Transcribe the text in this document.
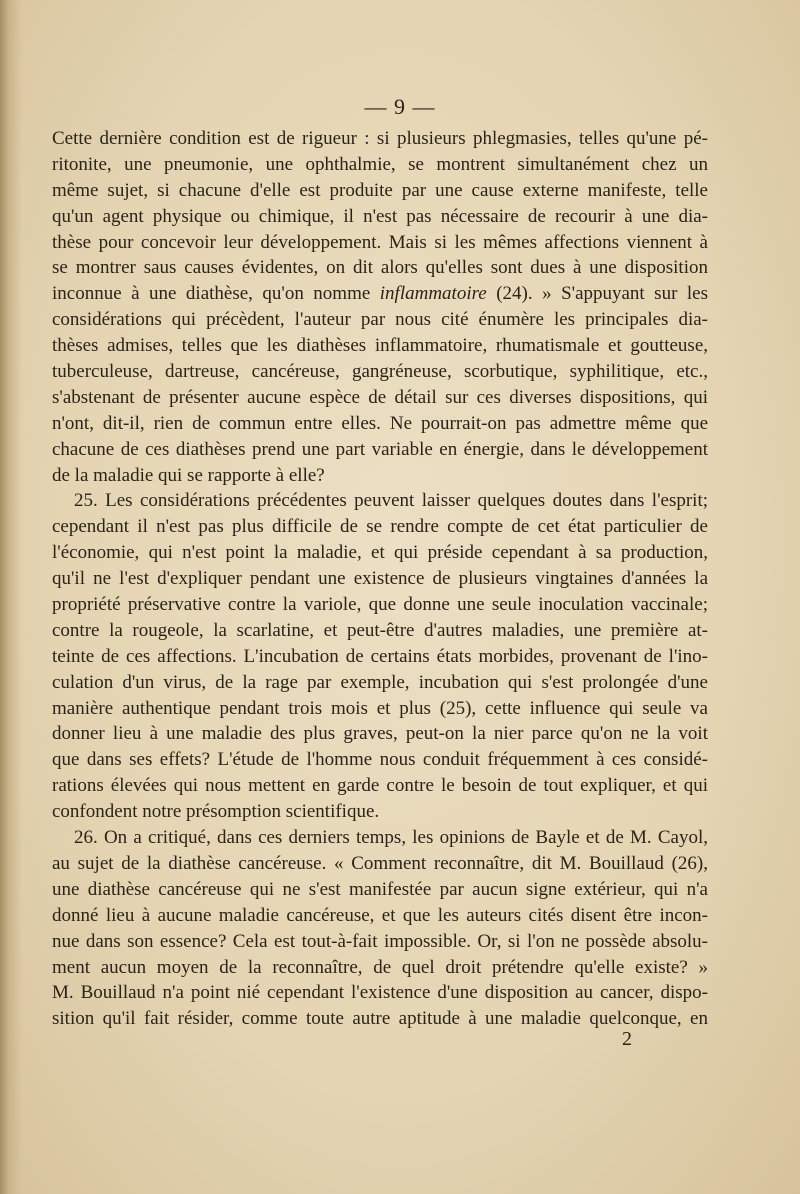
— 9 —
Cette dernière condition est de rigueur : si plusieurs phlegmasies, telles qu'une pé-
ritonite, une pneumonie, une ophthalmie, se montrent simultanément chez un
même sujet, si chacune d'elle est produite par une cause externe manifeste, telle
qu'un agent physique ou chimique, il n'est pas nécessaire de recourir à une dia-
thèse pour concevoir leur développement. Mais si les mêmes affections viennent à
se montrer saus causes évidentes, on dit alors qu'elles sont dues à une disposition
inconnue à une diathèse, qu'on nomme inflammatoire (24). » S'appuyant sur les
considérations qui précèdent, l'auteur par nous cité énumère les principales dia-
thèses admises, telles que les diathèses inflammatoire, rhumatismale et goutteuse,
tuberculeuse, dartreuse, cancéreuse, gangréneuse, scorbutique, syphilitique, etc.,
s'abstenant de présenter aucune espèce de détail sur ces diverses dispositions, qui
n'ont, dit-il, rien de commun entre elles. Ne pourrait-on pas admettre même que
chacune de ces diathèses prend une part variable en énergie, dans le développement
de la maladie qui se rapporte à elle?
25. Les considérations précédentes peuvent laisser quelques doutes dans l'esprit;
cependant il n'est pas plus difficile de se rendre compte de cet état particulier de
l'économie, qui n'est point la maladie, et qui préside cependant à sa production,
qu'il ne l'est d'expliquer pendant une existence de plusieurs vingtaines d'années la
propriété préservative contre la variole, que donne une seule inoculation vaccinale;
contre la rougeole, la scarlatine, et peut-être d'autres maladies, une première at-
teinte de ces affections. L'incubation de certains états morbides, provenant de l'ino-
culation d'un virus, de la rage par exemple, incubation qui s'est prolongée d'une
manière authentique pendant trois mois et plus (25), cette influence qui seule va
donner lieu à une maladie des plus graves, peut-on la nier parce qu'on ne la voit
que dans ses effets? L'étude de l'homme nous conduit fréquemment à ces considé-
rations élevées qui nous mettent en garde contre le besoin de tout expliquer, et qui
confondent notre présomption scientifique.
26. On a critiqué, dans ces derniers temps, les opinions de Bayle et de M. Cayol,
au sujet de la diathèse cancéreuse. « Comment reconnaître, dit M. Bouillaud (26),
une diathèse cancéreuse qui ne s'est manifestée par aucun signe extérieur, qui n'a
donné lieu à aucune maladie cancéreuse, et que les auteurs cités disent être incon-
nue dans son essence? Cela est tout-à-fait impossible. Or, si l'on ne possède absolu-
ment aucun moyen de la reconnaître, de quel droit prétendre qu'elle existe? »
M. Bouillaud n'a point nié cependant l'existence d'une disposition au cancer, dispo-
sition qu'il fait résider, comme toute autre aptitude à une maladie quelconque, en
2
